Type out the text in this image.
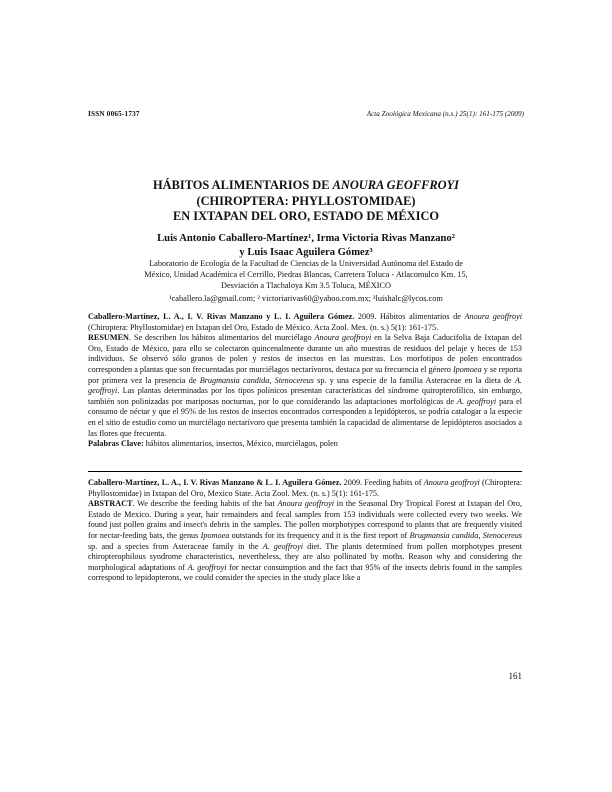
ISSN 0065-1737	Acta Zoológica Mexicana (n.s.) 25(1): 161-175 (2009)
HÁBITOS ALIMENTARIOS DE ANOURA GEOFFROYI
(CHIROPTERA: PHYLLOSTOMIDAE)
EN IXTAPAN DEL ORO, ESTADO DE MÉXICO
Luis Antonio Caballero-Martínez¹, Irma Victoria Rivas Manzano²
y Luis Isaac Aguilera Gómez³
Laboratorio de Ecología de la Facultad de Ciencias de la Universidad Autónoma del Estado de
México, Unidad Académica el Cerrillo, Piedras Blancas, Carretera Toluca - Atlacomulco Km. 15,
Desviación a Tlachaloya Km 3.5 Toluca, MÉXICO
¹caballero.la@gmail.com; ² victoriarivas60@yahoo.com.mx; ³luishalc@lycos.com

Caballero-Martínez, L. A., I. V. Rivas Manzano y L. I. Aguilera Gómez. 2009. Hábitos alimentarios de Anoura geoffroyi (Chiroptera: Phyllostomidae) en Ixtapan del Oro, Estado de México. Acta Zool. Mex. (n. s.) 5(1): 161-175.

RESUMEN. Se describen los hábitos alimentarios del murciélago Anoura geoffroyi en la Selva Baja Caducifolia de Ixtapan del Oro, Estado de México, para ello se colectaron quincenalmente durante un año muestras de residuos del pelaje y heces de 153 individuos. Se observó sólo granos de polen y restos de insectos en las muestras. Los morfotipos de polen encontrados corresponden a plantas que son frecuentadas por murciélagos nectarívoros, destaca por su frecuencia el género Ipomoea y se reporta por primera vez la presencia de Brugmansia candida, Stenocereus sp. y una especie de la familia Asteraceae en la dieta de A. geoffroyi. Las plantas determinadas por los tipos polínicos presentan características del síndrome quiropterofílico, sin embargo, también son polinizadas por mariposas nocturnas, por lo que considerando las adaptaciones morfológicas de A. geoffroyi para el consumo de néctar y que el 95% de los restos de insectos encontrados corresponden a lepidópteros, se podría catalogar a la especie en el sitio de estudio como un murciélago nectarívoro que presenta también la capacidad de alimentarse de lepidópteros asociados a las flores que frecuenta.

Palabras Clave: hábitos alimentarios, insectos, México, murciélagos, polen

Caballero-Martínez, L. A., I. V. Rivas Manzano & L. I. Aguilera Gómez. 2009. Feeding habits of Anoura geoffroyi (Chiroptera: Phyllostomidae) in Ixtapan del Oro, Mexico State. Acta Zool. Mex. (n. s.) 5(1): 161-175.

ABSTRACT. We describe the feeding habits of the bat Anoura geoffroyi in the Seasonal Dry Tropical Forest at Ixtapan del Oro, Estado de Mexico. During a year, hair remainders and fecal samples from 153 individuals were collected every two weeks. We found just pollen grains and insect's debris in the samples. The pollen morphotypes correspond to plants that are frequently visited for nectar-feeding bats, the genus Ipomoea outstands for its frequency and it is the first report of Brugmansia candida, Stenocereus sp. and a species from Asteraceae family in the A. geoffroyi diet. The plants determined from pollen morphotypes present chiropterophilous syndrome characteristics, nevertheless, they are also pollinated by moths. Reason why and considering the morphological adaptations of A. geoffroyi for nectar consumption and the fact that 95% of the insects debris found in the samples correspond to lepidopterons, we could consider the species in the study place like a

161
